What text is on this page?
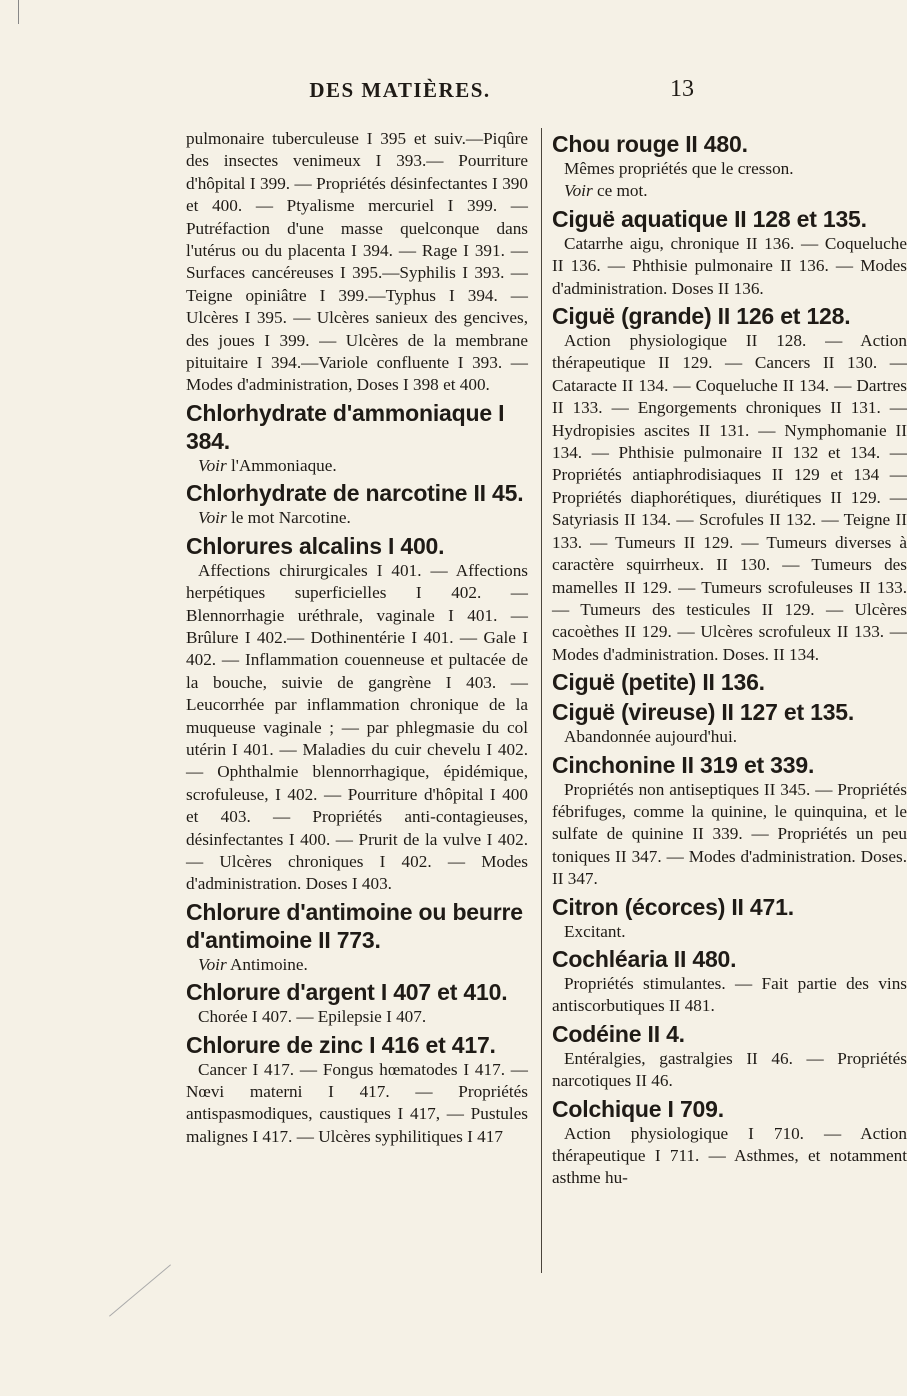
DES MATIÈRES.	13

pulmonaire tuberculeuse I 395 et suiv.—Piqûre des insectes venimeux I 393.— Pourriture d'hôpital I 399. — Propriétés désinfectantes I 390 et 400. — Ptyalisme mercuriel I 399. — Putréfaction d'une masse quelconque dans l'utérus ou du placenta I 394. — Rage I 391. — Surfaces cancéreuses I 395.—Syphilis I 393. — Teigne opiniâtre I 399.—Typhus I 394. — Ulcères I 395. — Ulcères sanieux des gencives, des joues I 399. — Ulcères de la membrane pituitaire I 394.—Variole confluente I 393. — Modes d'administration, Doses I 398 et 400.

Chlorhydrate d'ammoniaque I 384.

Voir l'Ammoniaque.

Chlorhydrate de narcotine II 45.

Voir le mot Narcotine.

Chlorures alcalins I 400.

Affections chirurgicales I 401. — Affections herpétiques superficielles I 402. — Blennorrhagie uréthrale, vaginale I 401. — Brûlure I 402.— Dothinentérie I 401. — Gale I 402. — Inflammation couenneuse et pultacée de la bouche, suivie de gangrène I 403. — Leucorrhée par inflammation chronique de la muqueuse vaginale ; — par phlegmasie du col utérin I 401. — Maladies du cuir chevelu I 402. — Ophthalmie blennorrhagique, épidémique, scrofuleuse, I 402. — Pourriture d'hôpital I 400 et 403. — Propriétés anti-contagieuses, désinfectantes I 400. — Prurit de la vulve I 402. — Ulcères chroniques I 402. — Modes d'administration. Doses I 403.

Chlorure d'antimoine ou beurre d'antimoine II 773.

Voir Antimoine.

Chlorure d'argent I 407 et 410.

Chorée I 407. — Epilepsie I 407.

Chlorure de zinc I 416 et 417.

Cancer I 417. — Fongus hœmatodes I 417. — Nœvi materni I 417. — Propriétés antispasmodiques, caustiques I 417, — Pustules malignes I 417. — Ulcères syphilitiques I 417

Chou rouge II 480.

Mêmes propriétés que le cresson.

Voir ce mot.

Ciguë aquatique II 128 et 135.

Catarrhe aigu, chronique II 136. — Coqueluche II 136. — Phthisie pulmonaire II 136. — Modes d'administration. Doses II 136.

Ciguë (grande) II 126 et 128.

Action physiologique II 128. — Action thérapeutique II 129. — Cancers II 130. — Cataracte II 134. — Coqueluche II 134. — Dartres II 133. — Engorgements chroniques II 131. — Hydropisies ascites II 131. — Nymphomanie II 134. — Phthisie pulmonaire II 132 et 134. — Propriétés antiaphrodisiaques II 129 et 134 — Propriétés diaphorétiques, diurétiques II 129. — Satyriasis II 134. — Scrofules II 132. — Teigne II 133. — Tumeurs II 129. — Tumeurs diverses à caractère squirrheux. II 130. — Tumeurs des mamelles II 129. — Tumeurs scrofuleuses II 133. — Tumeurs des testicules II 129. — Ulcères cacoèthes II 129. — Ulcères scrofuleux II 133. — Modes d'administration. Doses. II 134.

Ciguë (petite) II 136.
Ciguë (vireuse) II 127 et 135.

Abandonnée aujourd'hui.

Cinchonine II 319 et 339.

Propriétés non antiseptiques II 345. — Propriétés fébrifuges, comme la quinine, le quinquina, et le sulfate de quinine II 339. — Propriétés un peu toniques II 347. — Modes d'administration. Doses. II 347.

Citron (écorces) II 471.

Excitant.

Cochléaria II 480.

Propriétés stimulantes. — Fait partie des vins antiscorbutiques II 481.

Codéine II 4.

Entéralgies, gastralgies II 46. — Propriétés narcotiques II 46.

Colchique I 709.

Action physiologique I 710. — Action thérapeutique I 711. — Asthmes, et notamment asthme hu-
